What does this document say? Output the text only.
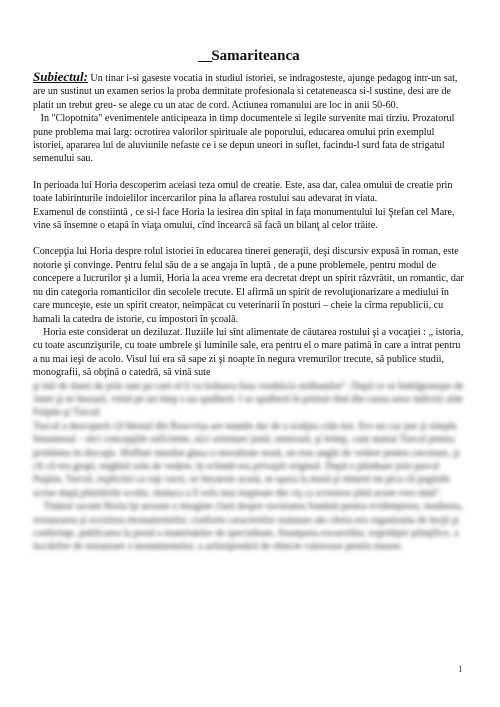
__Samariteanca

Subiectul: Un tinar i-si gaseste vocatia in studiul istoriei, se indragosteste, ajunge pedagog intr-un sat, are un sustinut un examen serios la proba demnitate profesionala si cetateneasca si-l sustine, desi are de platit un trebut greu- se alege cu un atac de cord. Actiunea romanului are loc in anii 50-60.

In "Clopotnita" evenimentele anticipeaza in timp documentele si legile survenite mai tirziu. Prozatorul pune problema mai larg: ocrotirea valorilor spirituale ale poporului, educarea omului prin exemplul istoriei, apararea lui de aluviunile nefaste ce i se depun uneori in suflet, facindu-l surd fata de strigatul semenului sau.

In perioada lui Horia descoperim aceiasi teza omul de creatie. Este, asa dar, calea omului de creatie prin toate labirinturile indoielilor incercarilor pina la aflarea rostului sau adevarat in viata.

Examenul de constiintă , ce si-l face Horia la iesirea din spital in faţa monumentului lui Ştefan cel Mare, vine să însemne o etapă în viaţa omului, cînd încearcă să facă un bilanţ al celor trăite.

Concepţia lui Horia despre rolul istoriei în educarea tinerei generaţii, deşi discursiv expusă în roman, este notorie şi convinge. Pentru felul său de a se angaja în luptă , de a pune problemele, pentru modul de concepere a lucrurilor şi a lumii, Horia la acea vreme era decretat drept un spirit răzvrătit, un romantic, dar nu din categoria romanticilor din secolele trecute. El afirmă un spirit de revoluţionarizare a mediului în care munceşte, este un spirit creator, neîmpăcat cu veterinarii în posturi – cheie la cîrma republicii, cu hamali la catedra de istorie, cu impostori în şcoală.

Horia este considerat un deziluzat. Iluziile lui sînt alimentate de căutarea rostului şi a vocaţiei : „ istoria, cu toate ascunzişurile, cu toate umbrele şi luminile sale, era pentru el o mare patimă în care a intrat pentru a nu mai ieşi de acolo. Visul lui era să sape zi şi noapte în negura vremurilor trecute, să publice studii, monografii, să obţină o catedră, să vină sute

şi mii de tineri de prin sate pe care el îi va bolnava lista vrednicia străbunilor". După ce se îndrăgosteşte de Janet şi se însoară, vrind pe un timp s-au spulberă. I se spulberă în primul rînd din cauza unor indivizi alde Fulpău şi Turcul.

Turcul a descoperit cil blestul din Roscvina are manile dar de a sculpta ciăn noi. Ero un caz pur şi simplu fenomenal – nici concepţiile suficiente, nici orientare justă, temerară, şi lelmp, cum numai Turcul pentru problema în discuţie. Hoffnet imediat glasa o moralitate nouă, un nou unghi de vedere pentru cercetare, şi cît cil era grupi, unghiul solu de vedere, în schimb era privaştit original. După o plimbare prin parcul Puşkin, Turcul, explicitri cu toţi varxi, se întoarsie acasă, se aşeza la masă şi nimeni nu pica cîi paginile scrise după plintilirile scolin, răsăuca a fi sofa mai inspirate din viţ ca scriseese pînă acum vreo dată".

Tînărul savant Horia îşi aroaste o imagine clară despre societatea fondată pentru evidenţierea, studierea, restaurarea şi ocrotirea monumentelor, conform caracterelor statutare ale căreia era organizatia de lecţii şi conferinţe, publicarea la presă a materialelor de specialitate, finanţarea excursiilor, expediţiei ştiinţifice, a lucrărilor de restaurare a monumentelor, a achiziţionării de obiecte valoroase pentru muzee.

1
